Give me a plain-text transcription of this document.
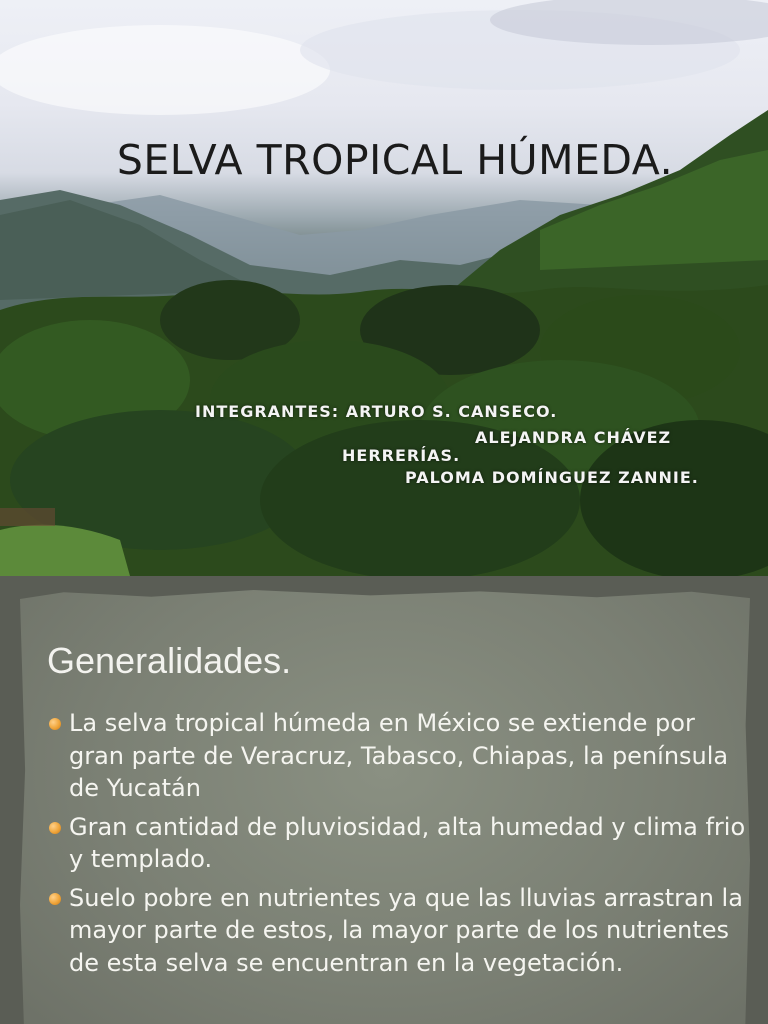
SELVA TROPICAL HÚMEDA.
INTEGRANTES: ARTURO S. CANSECO.
ALEJANDRA CHÁVEZ
HERRERÍAS.
PALOMA DOMÍNGUEZ ZANNIE.
Generalidades.
La selva tropical húmeda en México se extiende por gran parte de Veracruz, Tabasco, Chiapas, la península de Yucatán
Gran cantidad de pluviosidad, alta humedad y clima frio y templado.
Suelo pobre en nutrientes ya que las lluvias arrastran la mayor parte de estos, la mayor parte de los nutrientes de esta selva se encuentran en la vegetación.
